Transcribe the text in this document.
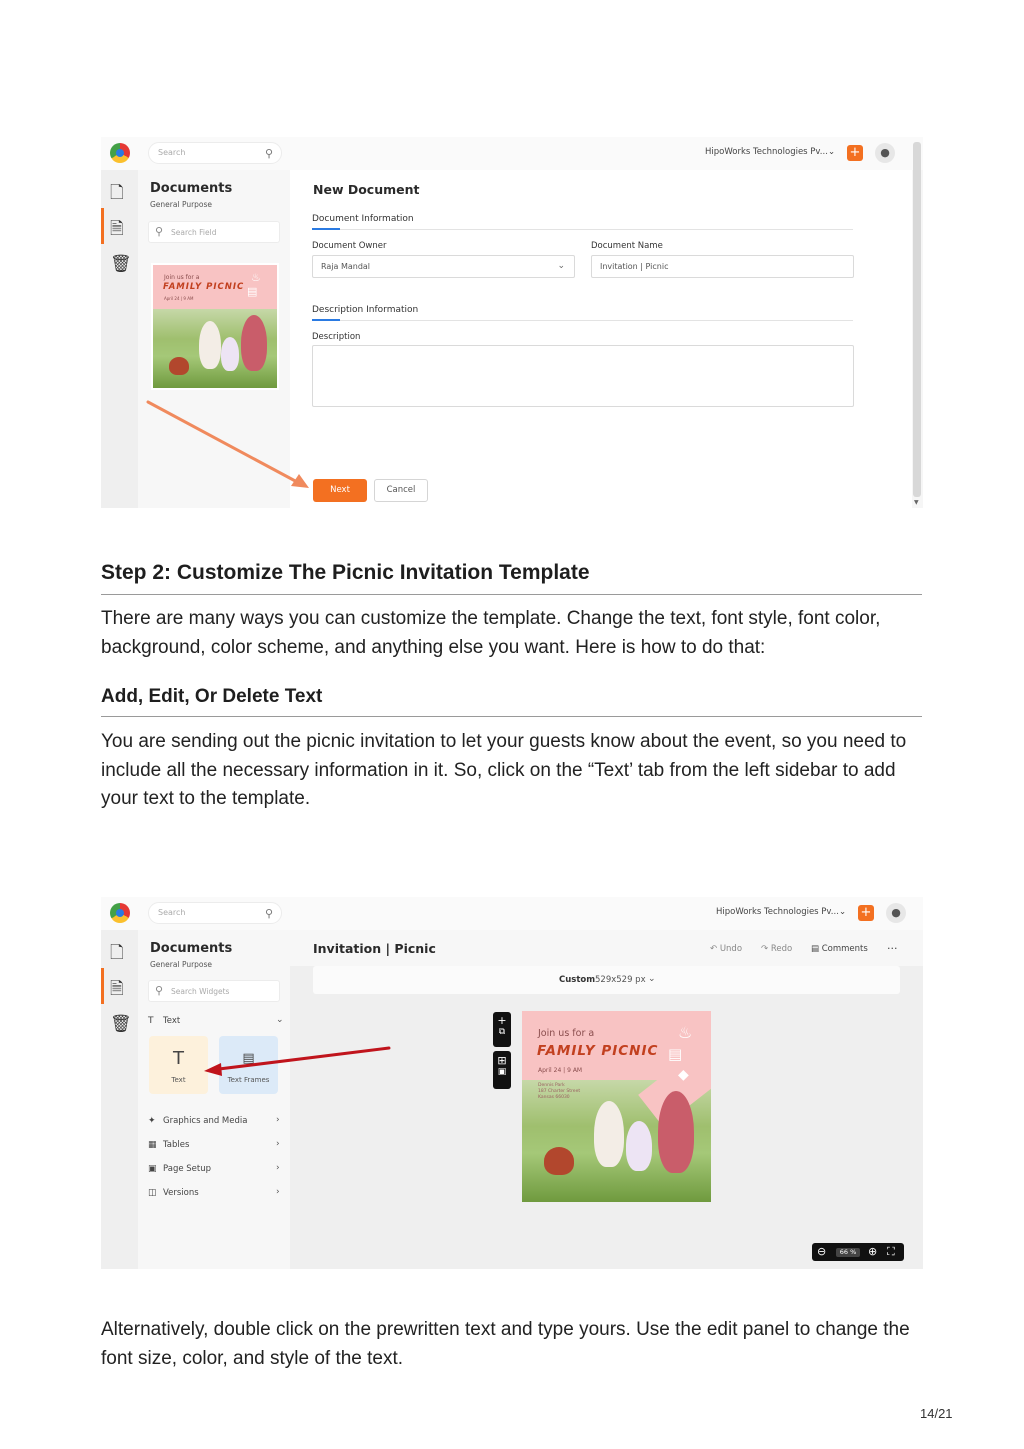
Search	⚲	HipoWorks Technologies Pv... ⌄ +	●
🗋
🗎
🗑
Documents
General Purpose
⚲ Search Field
Join us for a
FAMILY PICNIC
April 24 | 9 AM
♨
▤
New Document
Document Information
Document Owner
Raja Mandal	⌄
Document Name
Invitation | Picnic
Description Information
Description
Next	Cancel
▼
Step 2: Customize The Picnic Invitation Template

There are many ways you can customize the template. Change the text, font style, font color, background, color scheme, and anything else you want. Here is how to do that:

Add, Edit, Or Delete Text

You are sending out the picnic invitation to let your guests know about the event, so you need to include all the necessary information in it. So, click on the “Text’ tab from the left sidebar to add your text to the template.

Search	⚲	HipoWorks Technologies Pv... ⌄ +	●
🗋
🗎
🗑
Documents
General Purpose
⚲ Search Widgets
T Text	⌄
T
Text
▤
Text Frames
✦ Graphics and Media	›
▦ Tables	›
▣ Page Setup	›
◫ Versions	›
Invitation | Picnic	↶ Undo ↷ Redo ▤ Comments ···
Custom 529x529 px ⌄
+
⧉
⊞
▣
Join us for a
FAMILY PICNIC
April 24 | 9 AM
Dennis Park
187 Charter Street
Kansas 66030
♨
▤
◆
⊖	66 %	⊕ ⛶

Alternatively, double click on the prewritten text and type yours. Use the edit panel to change the font size, color, and style of the text.

14/21
